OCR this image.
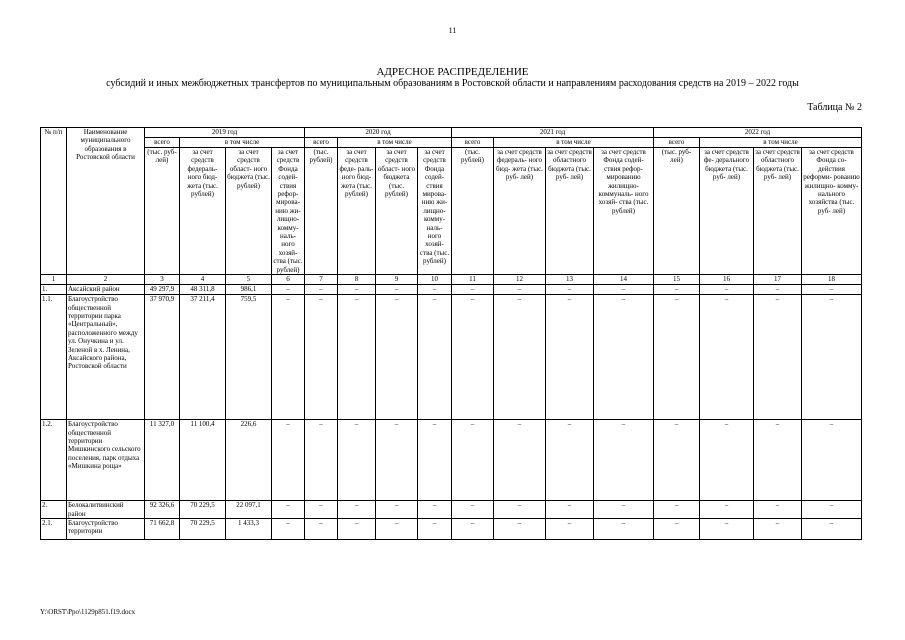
11
АДРЕСНОЕ РАСПРЕДЕЛЕНИЕ
субсидий и иных межбюджетных трансфертов по муниципальным образованиям в Ростовской области и направлениям расходования средств на 2019 – 2022 годы
Таблица № 2
№ п/п	Наименование муниципального образования в Ростовской области	2019 год				2020 год				2021 год				2022 год			
		всего	в том числе			всего	в том числе			всего	в том числе			всего	в том числе		
		(тыс. руб- лей)	за счет средств федераль- ного бюд- жета (тыс. рублей)	за счет средств област- ного бюджета (тыс. рублей)	за счет средств Фонда содей- ствия рефор- мирова- нию жи- лищно- комму- наль- ного хозяй- ства (тыс. рублей)	(тыс. рублей)	за счет средств феде- раль- ного бюд- жета (тыс. рублей)	за счет средств област- ного бюджета (тыс. рублей)	за счет средств Фонда содей- ствия мирова- нию жи- лищно- комму- наль- ного хозяй- ства (тыс. рублей)	(тыс. рублей)	за счет средств федераль- ного бюд- жета (тыс. руб- лей)	за счет средств областного бюджета (тыс. руб- лей)	за счет средств Фонда содей- ствия рефор- мированию жилищно- коммуналь- ного хозяй- ства (тыс. рублей)	(тыс. руб- лей)	за счет средств фе- дерального бюджета (тыс. руб- лей)	за счет средств областного бюджета (тыс. руб- лей)	за счет средств Фонда со- действия реформи- рованию жилищно- комму- нального хозяйства (тыс. руб- лей)
1	2	3	4	5	6	7	8	9	10	11	12	13	14	15	16	17	18
1.	Аксайский район	49 297,9	48 311,8	986,1	–	–	–	–	–	–	–	–	–	–	–	–	–
1.1.	Благоустройство общественной территории парка «Центральный», расположенного между ул. Онучкина и ул. Зеленой в х. Ленина, Аксайского района, Ростовской области	37 970,9	37 211,4	759,5	–	–	–	–	–	–	–	–	–	–	–	–	–
1.2.	Благоустройство общественной территории Мишкинского сельского поселения, парк отдыха «Мишкина роща»	11 327,0	11 100,4	226,6	–	–	–	–	–	–	–	–	–	–	–	–	–
2.	Белокалитвинский район	92 326,6	70 229,5	22 097,1	–	–	–	–	–	–	–	–	–	–	–	–	–
2.1.	Благоустройство территории	71 662,8	70 229,5	1 433,3	–	–	–	–	–	–	–	–	–	–	–	–	–
Y:\ORST\Ppo\1129p851.f19.docx
